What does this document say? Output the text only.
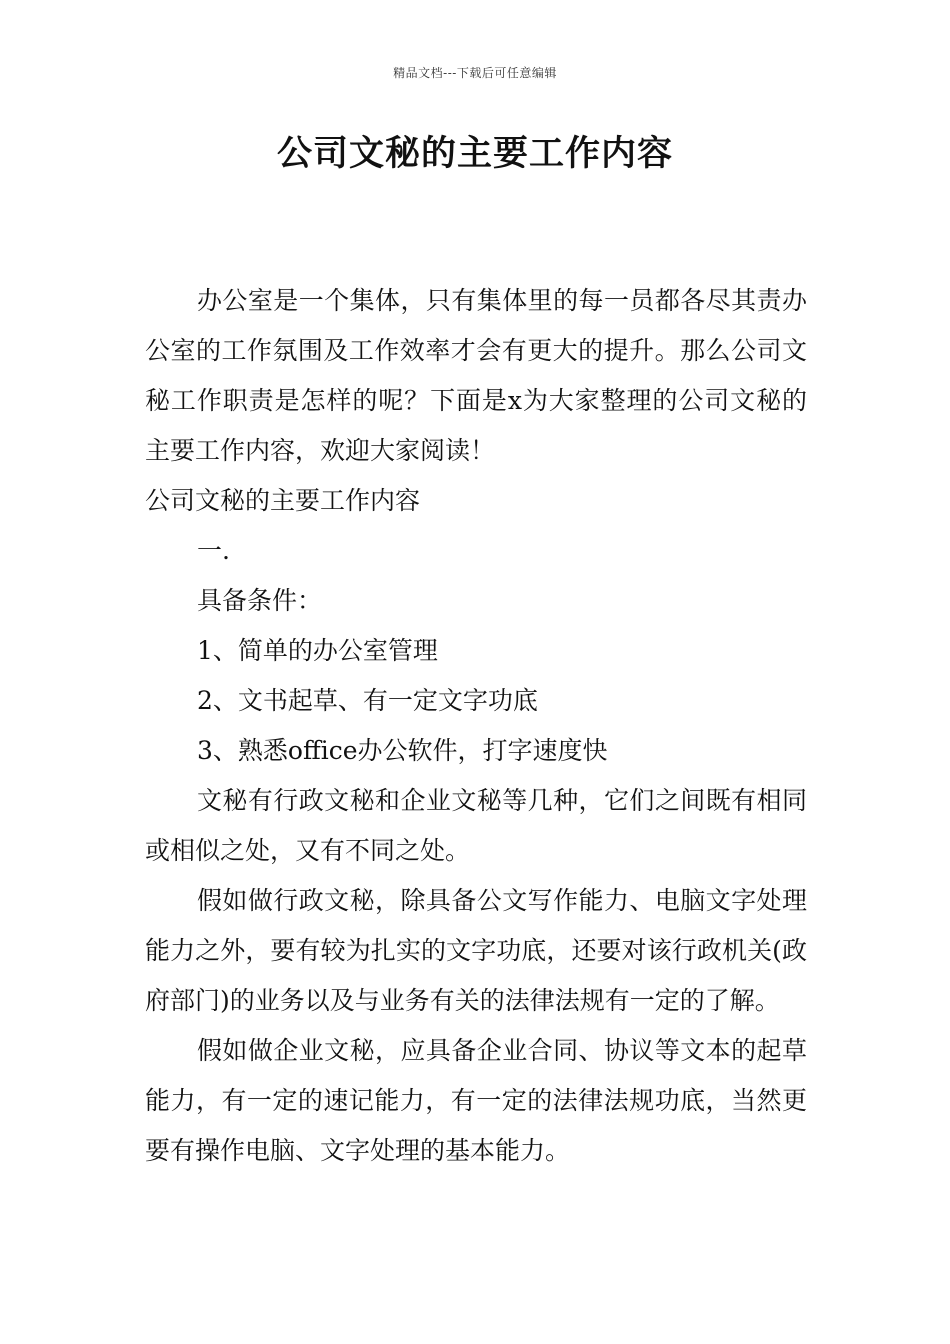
精品文档---下载后可任意编辑
公司文秘的主要工作内容

办公室是一个集体，只有集体里的每一员都各尽其责办公室的工作氛围及工作效率才会有更大的提升。那么公司文秘工作职责是怎样的呢？下面是x为大家整理的公司文秘的主要工作内容，欢迎大家阅读！

公司文秘的主要工作内容

一.

具备条件：

1、简单的办公室管理

2、文书起草、有一定文字功底

3、熟悉office办公软件，打字速度快

文秘有行政文秘和企业文秘等几种，它们之间既有相同或相似之处，又有不同之处。

假如做行政文秘，除具备公文写作能力、电脑文字处理能力之外，要有较为扎实的文字功底，还要对该行政机关(政府部门)的业务以及与业务有关的法律法规有一定的了解。

假如做企业文秘，应具备企业合同、协议等文本的起草能力，有一定的速记能力，有一定的法律法规功底，当然更要有操作电脑、文字处理的基本能力。
